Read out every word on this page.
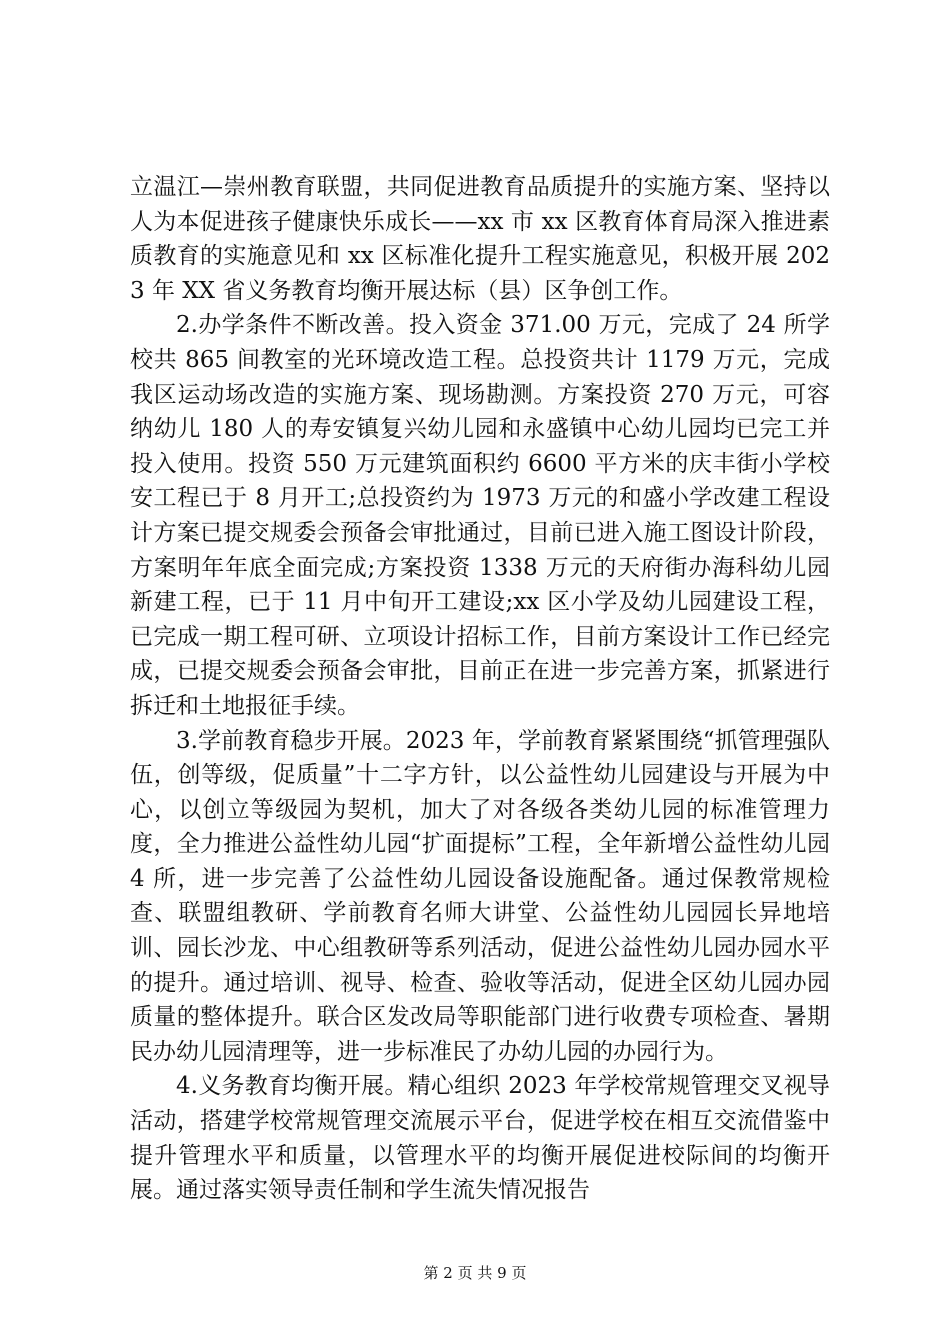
立温江—崇州教育联盟，共同促进教育品质提升的实施方案、坚持以人为本促进孩子健康快乐成长——xx 市 xx 区教育体育局深入推进素质教育的实施意见和 xx 区标准化提升工程实施意见，积极开展 2023 年 XX 省义务教育均衡开展达标（县）区争创工作。

2.办学条件不断改善。投入资金 371.00 万元，完成了 24 所学校共 865 间教室的光环境改造工程。总投资共计 1179 万元，完成我区运动场改造的实施方案、现场勘测。方案投资 270 万元，可容纳幼儿 180 人的寿安镇复兴幼儿园和永盛镇中心幼儿园均已完工并投入使用。投资 550 万元建筑面积约 6600 平方米的庆丰街小学校安工程已于 8 月开工;总投资约为 1973 万元的和盛小学改建工程设计方案已提交规委会预备会审批通过，目前已进入施工图设计阶段，方案明年年底全面完成;方案投资 1338 万元的天府街办海科幼儿园新建工程，已于 11 月中旬开工建设;xx 区小学及幼儿园建设工程，已完成一期工程可研、立项设计招标工作，目前方案设计工作已经完成，已提交规委会预备会审批，目前正在进一步完善方案，抓紧进行拆迁和土地报征手续。

3.学前教育稳步开展。2023 年，学前教育紧紧围绕“抓管理强队伍，创等级，促质量”十二字方针，以公益性幼儿园建设与开展为中心，以创立等级园为契机，加大了对各级各类幼儿园的标准管理力度，全力推进公益性幼儿园“扩面提标”工程，全年新增公益性幼儿园 4 所，进一步完善了公益性幼儿园设备设施配备。通过保教常规检查、联盟组教研、学前教育名师大讲堂、公益性幼儿园园长异地培训、园长沙龙、中心组教研等系列活动，促进公益性幼儿园办园水平的提升。通过培训、视导、检查、验收等活动，促进全区幼儿园办园质量的整体提升。联合区发改局等职能部门进行收费专项检查、暑期民办幼儿园清理等，进一步标准民了办幼儿园的办园行为。

4.义务教育均衡开展。精心组织 2023 年学校常规管理交叉视导活动，搭建学校常规管理交流展示平台，促进学校在相互交流借鉴中提升管理水平和质量，以管理水平的均衡开展促进校际间的均衡开展。通过落实领导责任制和学生流失情况报告

第 2 页 共 9 页
